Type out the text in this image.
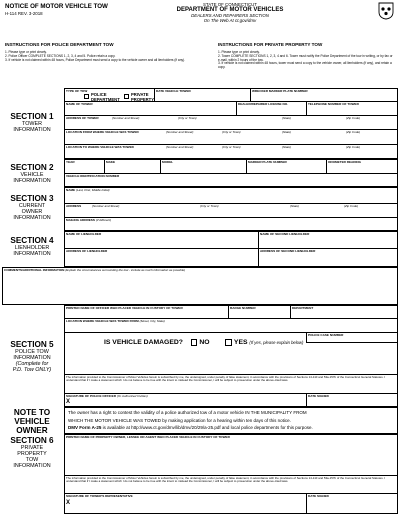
NOTICE OF MOTOR VEHICLE TOW
H-114 REV. 3-2018
STATE OF CONNECTICUT
DEPARTMENT OF MOTOR VEHICLES
DEALERS AND REPAIRERS SECTION
On The Web At ct.gov/dmv
INSTRUCTIONS FOR POLICE DEPARTMENT TOW
1. Please type or print clearly.
2. Police Officer COMPLETE SECTIONS 1, 2, 3, 4 and 5. Police retain a copy.
3. If vehicle is not claimed within 48 hours, Police Department must send a copy to the vehicle owner and all lienholders (if any).
INSTRUCTIONS FOR PRIVATE PROPERTY TOW
1. Please type or print clearly.
2. Tower COMPLETE SECTIONS 1, 2, 3, 4 and 6. Tower must notify the Police Department of the tow in writing, or by fax or e-mail, within 2 hours of the tow.
3. If vehicle is not claimed within 48 hours, tower must send a copy to the vehicle owner, all lienholders (if any), and retain a copy.
SECTION 1
TOWER
INFORMATION
TYPE OF TOW
POLICE DEPARTMENT
PRIVATE PROPERTY
DATE VEHICLE TOWED	WRECKER MARKER PLATE NUMBER
NAME OF TOWER	DEALER/REPAIRER LICENSE NO.	TELEPHONE NUMBER OF TOWER
ADDRESS OF TOWER	(Number and Street)	(City or Town)	(State)	(Zip Code)
LOCATION FROM WHERE VEHICLE WAS TOWED	(Number and Street)	(City or Town)	(State)	(Zip Code)
LOCATION TO WHERE VEHICLE WAS TOWED	(Number and Street)	(City or Town)	(State)	(Zip Code)
SECTION 2
VEHICLE
INFORMATION
YEAR	MAKE	MODEL	MARKER PLATE NUMBER	ODOMETER READING
VEHICLE IDENTIFICATION NUMBER
SECTION 3
CURRENT
OWNER
INFORMATION
NAME (Last, First, Middle Initial)
ADDRESS	(Number and Street)	(City or Town)	(State)	(Zip Code)
MAILING ADDRESS (If different)
SECTION 4
LIENHOLDER
INFORMATION
NAME OF LIENHOLDER	NAME OF SECOND LIENHOLDER
ADDRESS OF LIENHOLDER	ADDRESS OF SECOND LIENHOLDER
COMMENTS/ADDITIONAL INFORMATION (Explain the circumstances surrounding the tow - include as much information as possible)
SECTION 5
POLICE TOW
INFORMATION
(Complete for
P.D. Tow ONLY)
PRINTED NAME OF OFFICER WHO PLACED VEHICLE IN CUSTODY OF TOWER	BADGE NUMBER	DEPARTMENT
LOCATION WHERE VEHICLE WAS TOWED FROM (Street, City, State)
POLICE CASE NUMBER
IS VEHICLE DAMAGED? NO	YES (If yes, please explain below)
The information provided to the Commissioner of Motor Vehicles herein is subscribed by me, the undersigned, under penalty of false statement, in accordance with the provisions of Sections 14-110 and 53a-157b of the Connecticut General Statutes. I understand that if I make a statement which I do not believe to be true with the intent to mislead the Commissioner, I will be subject to prosecution under the above-cited laws.
SIGNATURE OF POLICE OFFICER (Or Authorized Civilian)
X
DATE SIGNED
NOTE TO
VEHICLE
OWNER
The owner has a right to contest the validity of a police authorized tow of a motor vehicle IN THE MUNICIPALITY FROM
WHICH THE MOTOR VEHICLE WAS TOWED by making application for a hearing within ten days of this notice.
DMV Form A-25 is available at http://www.ct.gov/dmv/lib/dmv/20/29/a-25.pdf and local police departments for this purpose.
SECTION 6
PRIVATE
PROPERTY
TOW
INFORMATION
PRINTED NAME OF PROPERTY OWNER, LESSEE OR AGENT WHO PLACED VEHICLE IN CUSTODY OF TOWER
The information provided to the Commissioner of Motor Vehicles herein is subscribed by me, the undersigned, under penalty of false statement, in accordance with the provisions of Sections 14-110 and 53a-157b of the Connecticut General Statutes. I understand that if I make a statement which I do not believe to be true with the intent to mislead the Commissioner, I will be subject to prosecution under the above-cited laws.
SIGNATURE OF TOWER'S REPRESENTATIVE
X
DATE SIGNED
